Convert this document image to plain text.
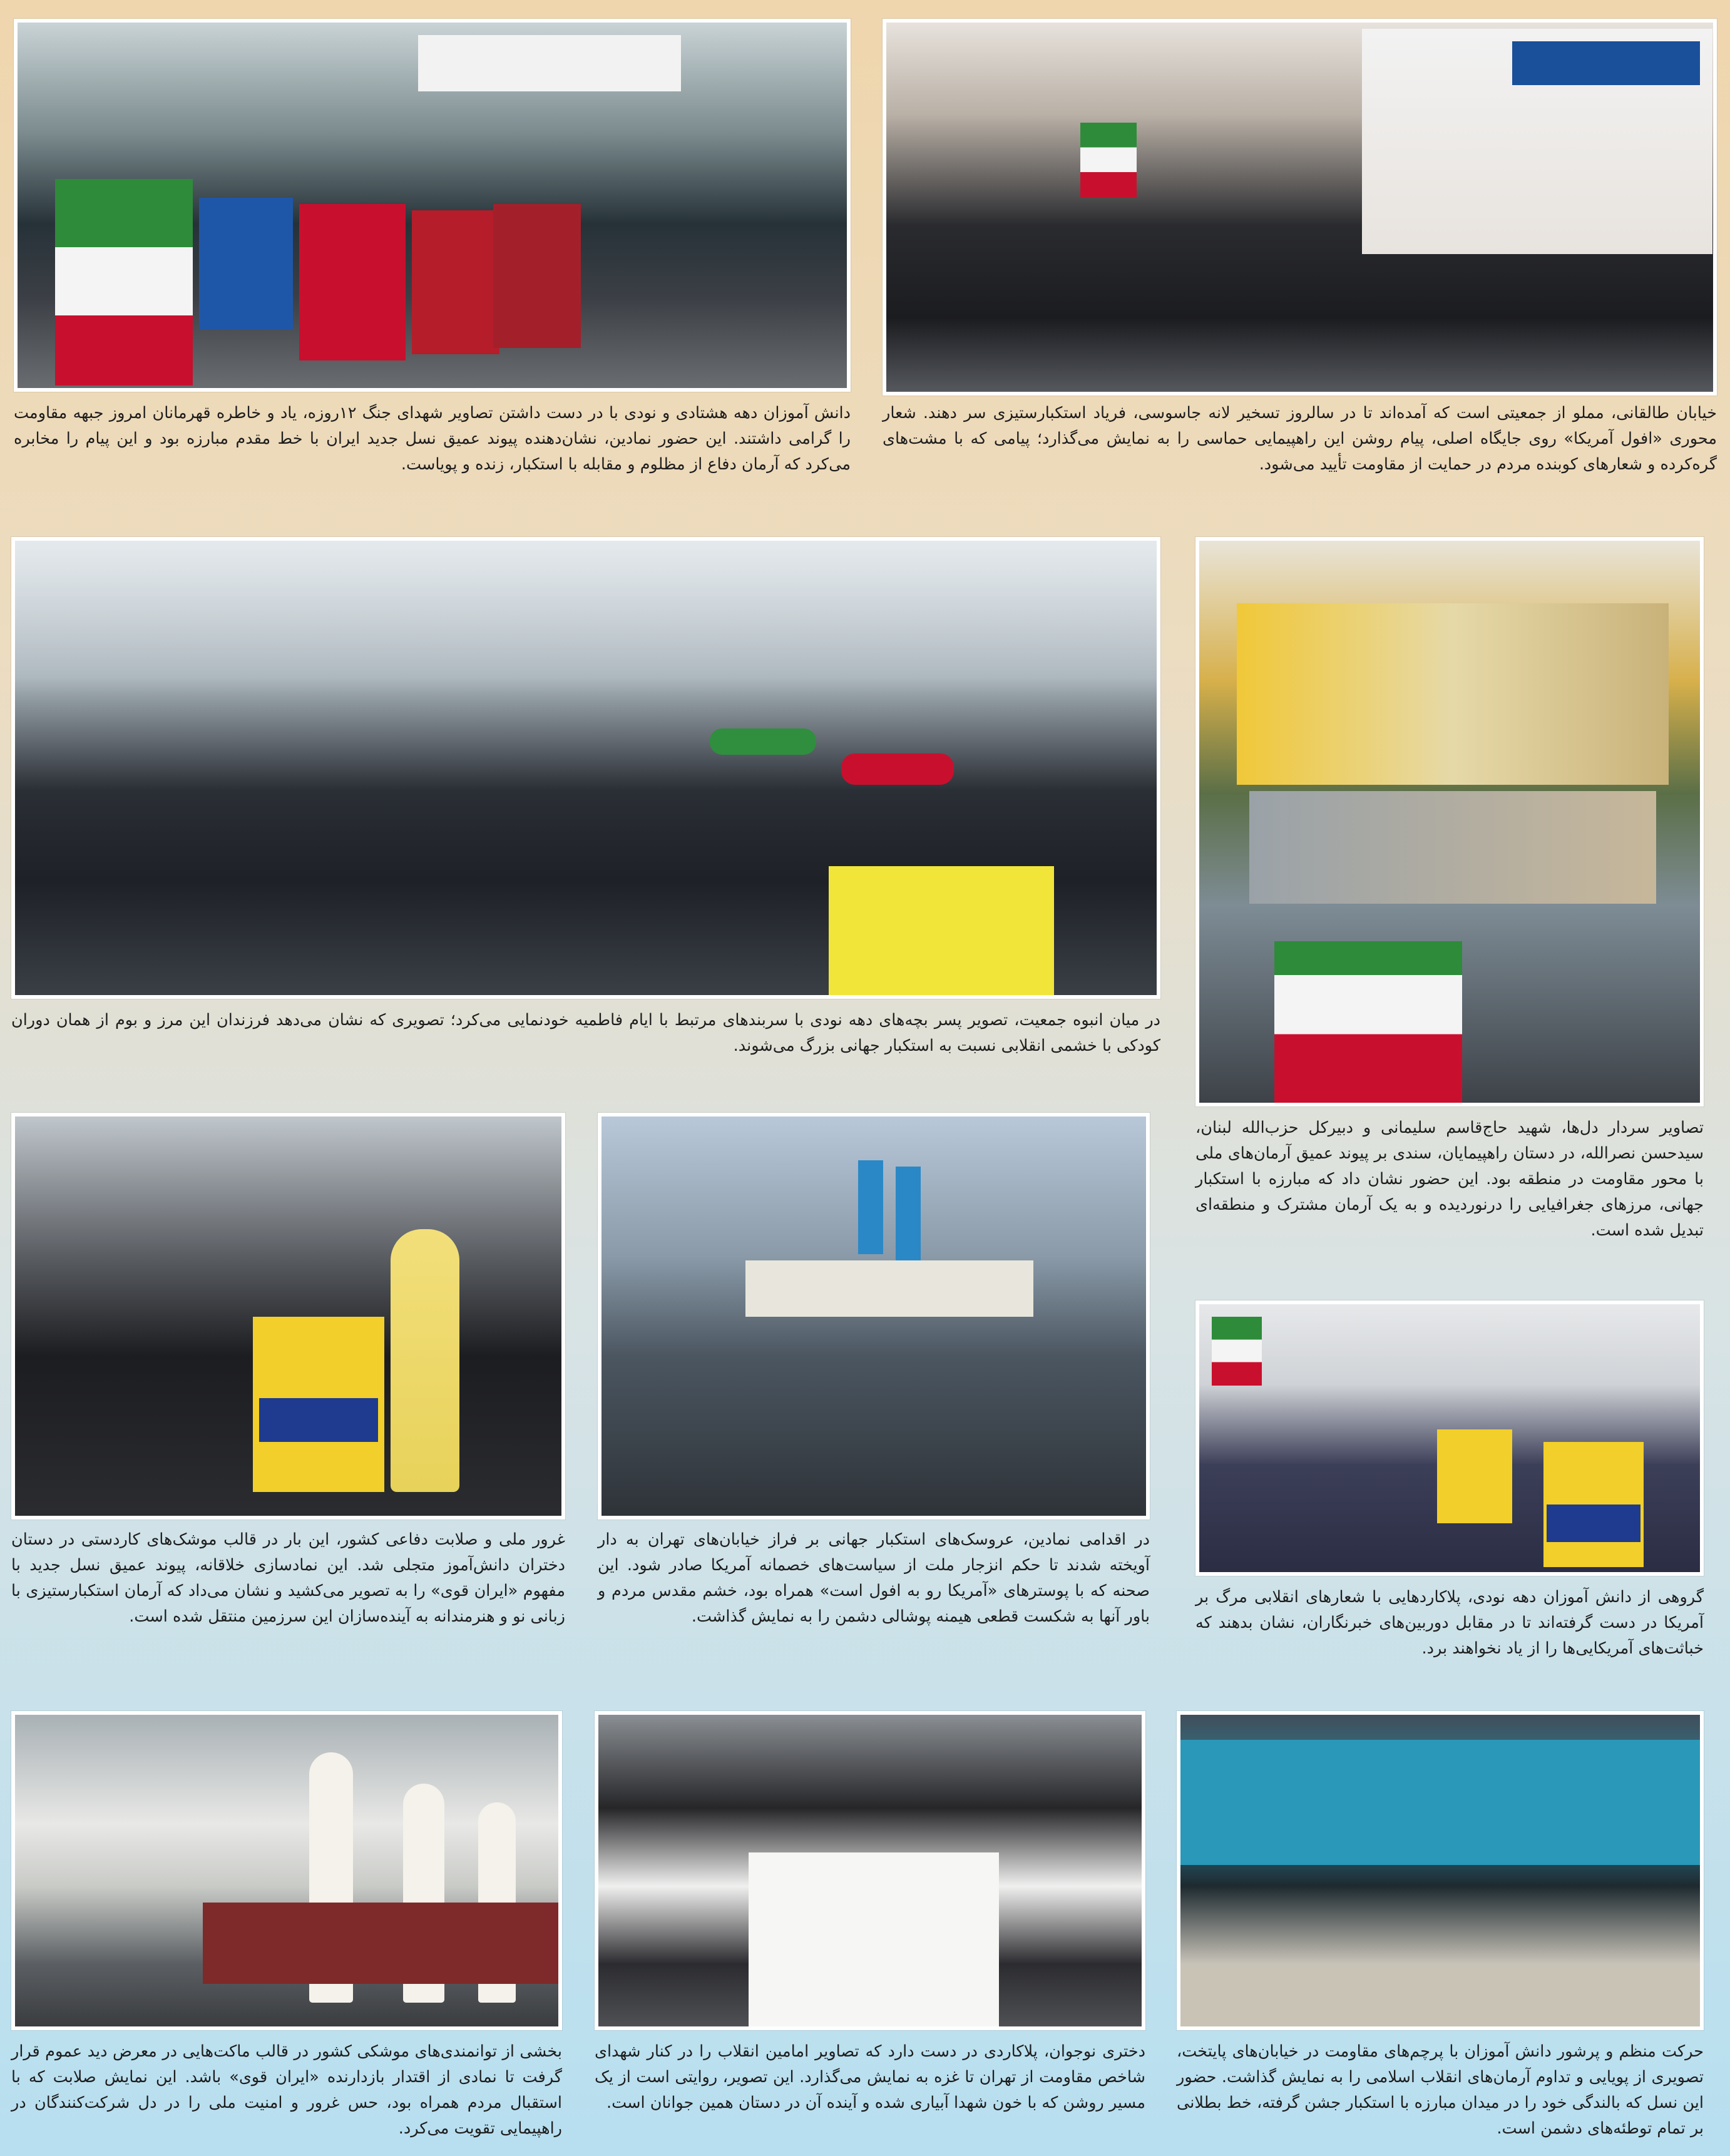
دانش آموزان دهه هشتادی و نودی با در دست داشتن تصاویر شهدای جنگ ۱۲روزه، یاد و خاطره قهرمانان امروز جبهه مقاومت را گرامی داشتند. این حضور نمادین، نشان‌دهنده پیوند عمیق نسل جدید ایران با خط مقدم مبارزه بود و این پیام را مخابره می‌کرد که آرمان دفاع از مظلوم و مقابله با استکبار، زنده و پویاست.

خیابان طالقانی، مملو از جمعیتی است که آمده‌اند تا در سالروز تسخیر لانه جاسوسی، فریاد استکبارستیزی سر دهند. شعار محوری «افول آمریکا» روی جایگاه اصلی، پیام روشن این راهپیمایی حماسی را به نمایش می‌گذارد؛ پیامی که با مشت‌های گره‌کرده و شعارهای کوبنده مردم در حمایت از مقاومت تأیید می‌شود.

در میان انبوه جمعیت، تصویر پسر بچه‌های دهه نودی با سربندهای مرتبط با ایام فاطمیه خودنمایی می‌کرد؛ تصویری که نشان می‌دهد فرزندان این مرز و بوم از همان دوران کودکی با خشمی انقلابی نسبت به استکبار جهانی بزرگ می‌شوند.

تصاویر سردار دل‌ها، شهید حاج‌قاسم سلیمانی و دبیرکل حزب‌الله لبنان، سیدحسن نصرالله، در دستان راهپیمایان، سندی بر پیوند عمیق آرمان‌های ملی با محور مقاومت در منطقه بود. این حضور نشان داد که مبارزه با استکبار جهانی، مرزهای جغرافیایی را درنوردیده و به یک آرمان مشترک و منطقه‌ای تبدیل شده است.

غرور ملی و صلابت دفاعی کشور، این بار در قالب موشک‌های کاردستی در دستان دختران دانش‌آموز متجلی شد. این نمادسازی خلاقانه، پیوند عمیق نسل جدید با مفهوم «ایران قوی» را به تصویر می‌کشید و نشان می‌داد که آرمان استکبارستیزی با زبانی نو و هنرمندانه به آینده‌سازان این سرزمین منتقل شده است.

در اقدامی نمادین، عروسک‌های استکبار جهانی بر فراز خیابان‌های تهران به دار آویخته شدند تا حکم انزجار ملت از سیاست‌های خصمانه آمریکا صادر شود. این صحنه که با پوسترهای «آمریکا رو به افول است» همراه بود، خشم مقدس مردم و باور آنها به شکست قطعی هیمنه پوشالی دشمن را به نمایش گذاشت.

گروهی از دانش آموزان دهه نودی، پلاکاردهایی با شعارهای انقلابی مرگ بر آمریکا در دست گرفته‌اند تا در مقابل دوربین‌های خبرنگاران، نشان بدهند که خباثت‌های آمریکایی‌ها را از یاد نخواهند برد.

بخشی از توانمندی‌های موشکی کشور در قالب ماکت‌هایی در معرض دید عموم قرار گرفت تا نمادی از اقتدار بازدارنده «ایران قوی» باشد. این نمایش صلابت که با استقبال مردم همراه بود، حس غرور و امنیت ملی را در دل شرکت‌کنندگان در راهپیمایی تقویت می‌کرد.

دختری نوجوان، پلاکاردی در دست دارد که تصاویر امامین انقلاب را در کنار شهدای شاخص مقاومت از تهران تا غزه به نمایش می‌گذارد. این تصویر، روایتی است از یک مسیر روشن که با خون شهدا آبیاری شده و آینده آن در دستان همین جوانان است.

حرکت منظم و پرشور دانش آموزان با پرچم‌های مقاومت در خیابان‌های پایتخت، تصویری از پویایی و تداوم آرمان‌های انقلاب اسلامی را به نمایش گذاشت. حضور این نسل که بالندگی خود را در میدان مبارزه با استکبار جشن گرفته، خط بطلانی بر تمام توطئه‌های دشمن است.
